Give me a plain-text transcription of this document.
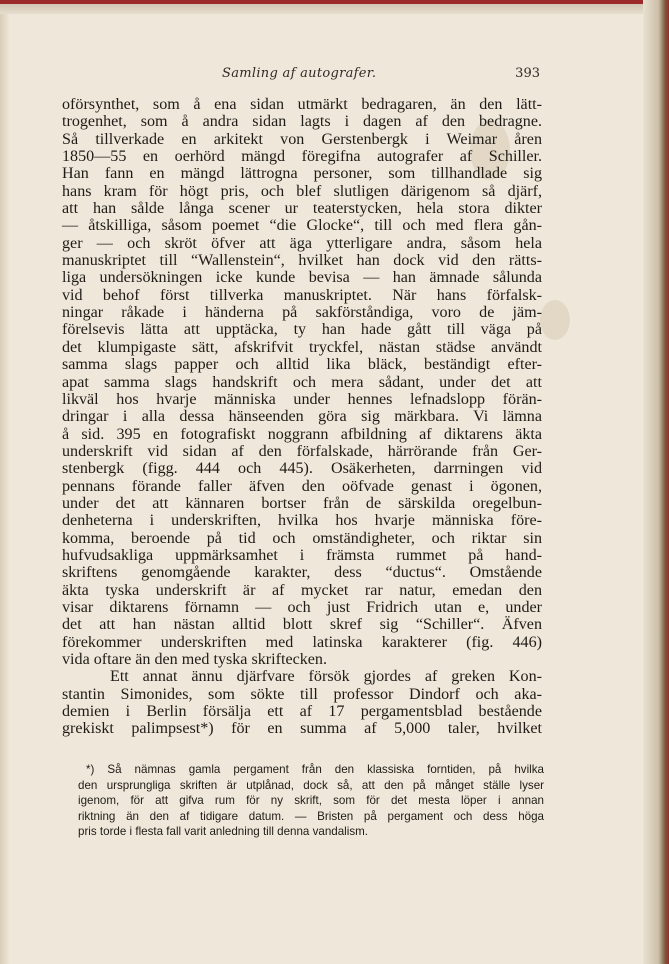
Samling af autografer.	393
oförsynthet, som å ena sidan utmärkt bedragaren, än den lätt-
trogenhet, som å andra sidan lagts i dagen af den bedragne.
Så tillverkade en arkitekt von Gerstenbergk i Weimar åren
1850—55 en oerhörd mängd föregifna autografer af Schiller.
Han fann en mängd lättrogna personer, som tillhandlade sig
hans kram för högt pris, och blef slutligen därigenom så djärf,
att han sålde långa scener ur teaterstycken, hela stora dikter
— åtskilliga, såsom poemet “die Glocke“, till och med flera gån-
ger — och skröt öfver att äga ytterligare andra, såsom hela
manuskriptet till “Wallenstein“, hvilket han dock vid den rätts-
liga undersökningen icke kunde bevisa — han ämnade sålunda
vid behof först tillverka manuskriptet. När hans förfalsk-
ningar råkade i händerna på sakförståndiga, voro de jäm-
förelsevis lätta att upptäcka, ty han hade gått till väga på
det klumpigaste sätt, afskrifvit tryckfel, nästan städse användt
samma slags papper och alltid lika bläck, beständigt efter-
apat samma slags handskrift och mera sådant, under det att
likväl hos hvarje människa under hennes lefnadslopp förän-
dringar i alla dessa hänseenden göra sig märkbara. Vi lämna
å sid. 395 en fotografiskt noggrann afbildning af diktarens äkta
underskrift vid sidan af den förfalskade, härrörande från Ger-
stenbergk (figg. 444 och 445). Osäkerheten, darrningen vid
pennans förande faller äfven den oöfvade genast i ögonen,
under det att kännaren bortser från de särskilda oregelbun-
denheterna i underskriften, hvilka hos hvarje människa före-
komma, beroende på tid och omständigheter, och riktar sin
hufvudsakliga uppmärksamhet i främsta rummet på hand-
skriftens genomgående karakter, dess “ductus“. Omstående
äkta tyska underskrift är af mycket rar natur, emedan den
visar diktarens förnamn — och just Fridrich utan e, under
det att han nästan alltid blott skref sig “Schiller“. Äfven
förekommer underskriften med latinska karakterer (fig. 446)
vida oftare än den med tyska skriftecken.
Ett annat ännu djärfvare försök gjordes af greken Kon-
stantin Simonides, som sökte till professor Dindorf och aka-
demien i Berlin försälja ett af 17 pergamentsblad bestående
grekiskt palimpsest*) för en summa af 5,000 taler, hvilket
*) Så nämnas gamla pergament från den klassiska forntiden, på hvilka
den ursprungliga skriften är utplånad, dock så, att den på månget ställe lyser
igenom, för att gifva rum för ny skrift, som för det mesta löper i annan
riktning än den af tidigare datum. — Bristen på pergament och dess höga
pris torde i flesta fall varit anledning till denna vandalism.
